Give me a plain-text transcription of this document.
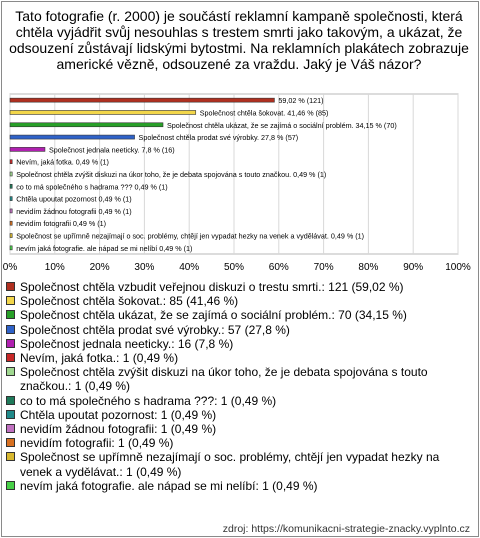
Tato fotografie (r. 2000) je součástí reklamní kampaně společnosti, která chtěla vyjádřit svůj nesouhlas s trestem smrti jako takovým, a ukázat, že odsouzení zůstávají lidskými bytostmi. Na reklamních plakátech zobrazuje americké vězně, odsouzené za vraždu. Jaký je Váš názor?
0%	10% 20% 30% 40% 50% 60% 70% 80% 90% 100%
59,02 % (121)
Společnost chtěla šokovat. 41,46 % (85)
Společnost chtěla ukázat, že se zajímá o sociální problém. 34,15 % (70)
Společnost chtěla prodat své výrobky. 27,8 % (57)
Společnost jednala neeticky. 7,8 % (16)
Nevím, jaká fotka. 0,49 % (1)
Společnost chtěla zvýšit diskuzi na úkor toho, že je debata spojována s touto značkou. 0,49 % (1)
co to má společného s hadrama ??? 0,49 % (1)
Chtěla upoutat pozornost 0,49 % (1)
nevidím žádnou fotografii 0,49 % (1)
nevidím fotografii 0,49 % (1)
Společnost se upřímně nezajímají o soc. problémy, chtějí jen vypadat hezky na venek a vydělávat. 0,49 % (1)
nevím jaká fotografie. ale nápad se mi nelíbí 0,49 % (1)
Společnost chtěla vzbudit veřejnou diskuzi o trestu smrti.: 121 (59,02 %)
Společnost chtěla šokovat.: 85 (41,46 %)
Společnost chtěla ukázat, že se zajímá o sociální problém.: 70 (34,15 %)
Společnost chtěla prodat své výrobky.: 57 (27,8 %)
Společnost jednala neeticky.: 16 (7,8 %)
Nevím, jaká fotka.: 1 (0,49 %)
Společnost chtěla zvýšit diskuzi na úkor toho, že je debata spojována s touto značkou.: 1 (0,49 %)
co to má společného s hadrama ???: 1 (0,49 %)
Chtěla upoutat pozornost: 1 (0,49 %)
nevidím žádnou fotografii: 1 (0,49 %)
nevidím fotografii: 1 (0,49 %)
Společnost se upřímně nezajímají o soc. problémy, chtějí jen vypadat hezky na venek a vydělávat.: 1 (0,49 %)
nevím jaká fotografie. ale nápad se mi nelíbí: 1 (0,49 %)
zdroj: https://komunikacni-strategie-znacky.vyplnto.cz
